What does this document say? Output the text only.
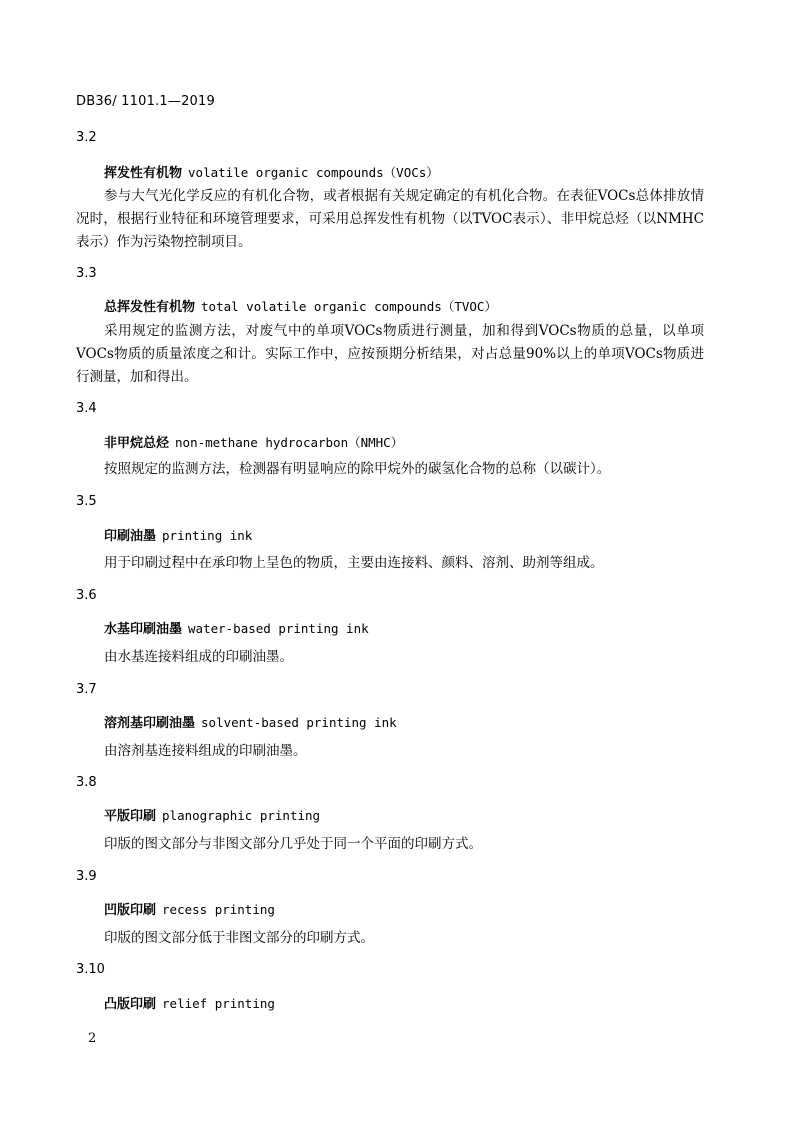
DB36/ 1101.1—2019
3.2
挥发性有机物 volatile organic compounds（VOCs）
参与大气光化学反应的有机化合物，或者根据有关规定确定的有机化合物。在表征VOCs总体排放情况时，根据行业特征和环境管理要求，可采用总挥发性有机物（以TVOC表示）、非甲烷总烃（以NMHC表示）作为污染物控制项目。
3.3
总挥发性有机物 total volatile organic compounds（TVOC）
采用规定的监测方法，对废气中的单项VOCs物质进行测量，加和得到VOCs物质的总量，以单项VOCs物质的质量浓度之和计。实际工作中，应按预期分析结果，对占总量90%以上的单项VOCs物质进行测量，加和得出。
3.4
非甲烷总烃 non-methane hydrocarbon（NMHC）
按照规定的监测方法，检测器有明显响应的除甲烷外的碳氢化合物的总称（以碳计）。
3.5
印刷油墨 printing ink
用于印刷过程中在承印物上呈色的物质，主要由连接料、颜料、溶剂、助剂等组成。
3.6
水基印刷油墨 water-based printing ink
由水基连接料组成的印刷油墨。
3.7
溶剂基印刷油墨 solvent-based printing ink
由溶剂基连接料组成的印刷油墨。
3.8
平版印刷 planographic printing
印版的图文部分与非图文部分几乎处于同一个平面的印刷方式。
3.9
凹版印刷 recess printing
印版的图文部分低于非图文部分的印刷方式。
3.10
凸版印刷 relief printing
2
